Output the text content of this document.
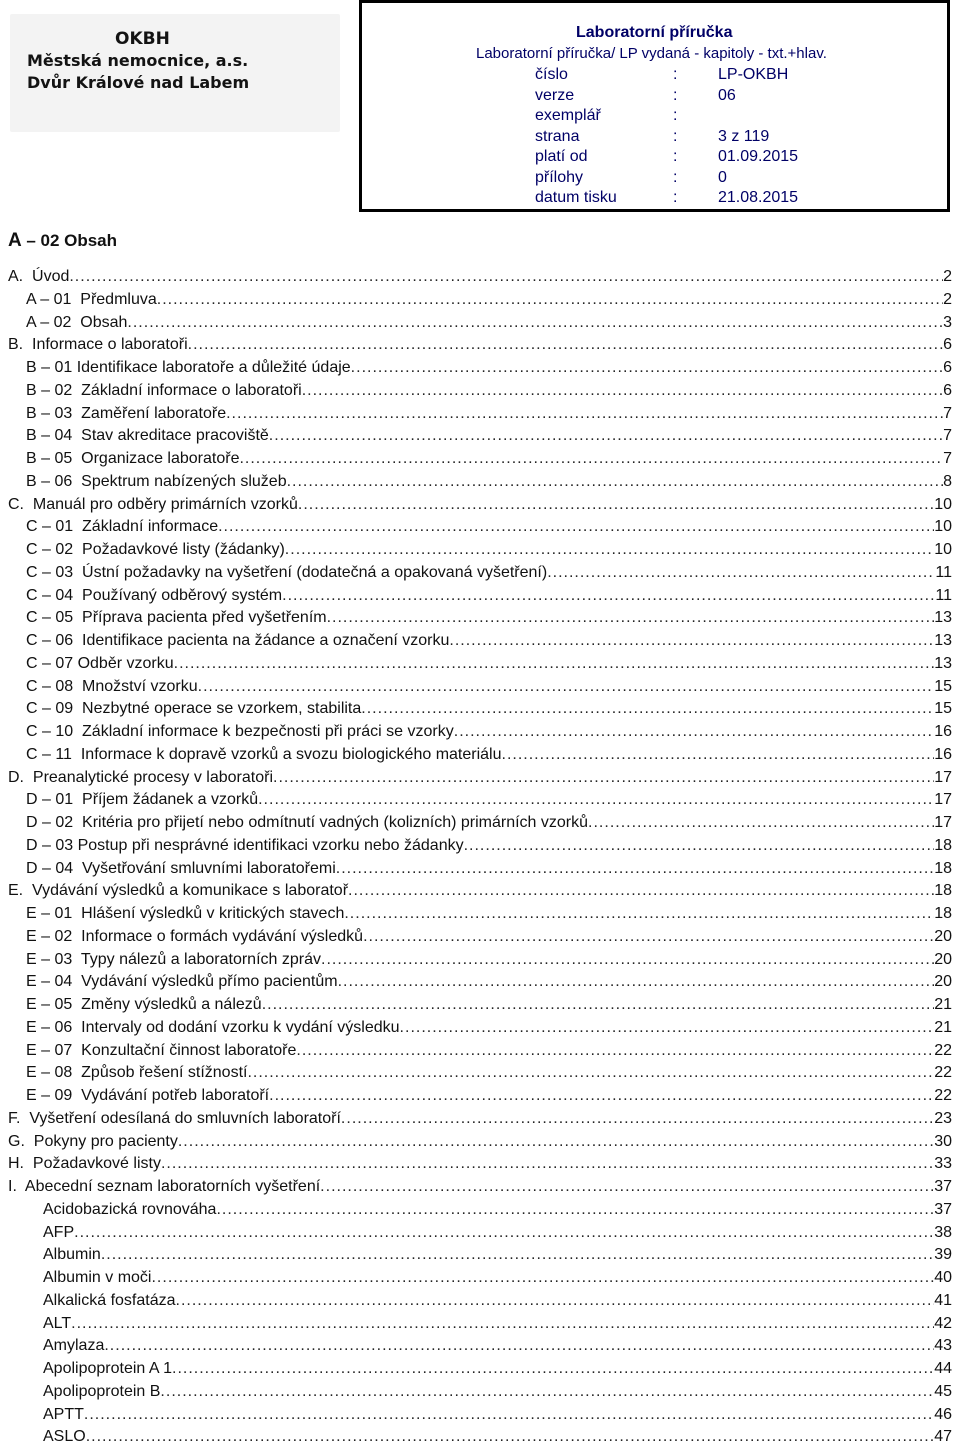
OKBH
Městská nemocnice, a.s.
Dvůr Králové nad Labem
Laboratorní příručka
Laboratorní příručka/ LP vydaná - kapitoly - txt.+hlav.
číslo	:	LP-OKBH
verze	:	06
exemplář	:
strana	:	3 z 119
platí od	:	01.09.2015
přílohy	:	0
datum tisku	:	21.08.2015
A – 02 Obsah
A.  Úvod .....	2
A – 01  Předmluva .....	2
A – 02  Obsah .....	3
B.  Informace o laboratoři .....	6
B – 01 Identifikace laboratoře a důležité údaje .....	6
B – 02  Základní informace o laboratoři .....	6
B – 03  Zaměření laboratoře .....	7
B – 04  Stav akreditace pracoviště .....	7
B – 05  Organizace laboratoře .....	7
B – 06  Spektrum nabízených služeb .....	8
C.  Manuál pro odběry primárních vzorků .....	10
C – 01  Základní informace .....	10
C – 02  Požadavkové listy (žádanky) .....	10
C – 03  Ústní požadavky na vyšetření (dodatečná a opakovaná vyšetření) .....	11
C – 04  Používaný odběrový systém .....	11
C – 05  Příprava pacienta před vyšetřením .....	13
C – 06  Identifikace pacienta na žádance a označení vzorku .....	13
C – 07 Odběr vzorku .....	13
C – 08  Množství vzorku .....	15
C – 09  Nezbytné operace se vzorkem, stabilita .....	15
C – 10  Základní informace k bezpečnosti při práci se vzorky .....	16
C – 11  Informace k dopravě vzorků a svozu biologického materiálu .....	16
D.  Preanalytické procesy v laboratoři .....	17
D – 01  Příjem žádanek a vzorků .....	17
D – 02  Kritéria pro přijetí nebo odmítnutí vadných (kolizních) primárních vzorků .....	17
D – 03 Postup při nesprávné identifikaci vzorku nebo žádanky .....	18
D – 04  Vyšetřování smluvními laboratořemi .....	18
E.  Vydávání výsledků a komunikace s laboratoř .....	18
E – 01  Hlášení výsledků v kritických stavech .....	18
E – 02  Informace o formách vydávání výsledků .....	20
E – 03  Typy nálezů a laboratorních zpráv .....	20
E – 04  Vydávání výsledků přímo pacientům .....	20
E – 05  Změny výsledků a nálezů .....	21
E – 06  Intervaly od dodání vzorku k vydání výsledku .....	21
E – 07  Konzultační činnost laboratoře .....	22
E – 08  Způsob řešení stížností .....	22
E – 09  Vydávání potřeb laboratoří .....	22
F.  Vyšetření odesílaná do smluvních laboratoří .....	23
G.  Pokyny pro pacienty .....	30
H.  Požadavkové listy .....	33
I.  Abecední seznam laboratorních vyšetření .....	37
Acidobazická rovnováha .....	37
AFP .....	38
Albumin .....	39
Albumin v moči .....	40
Alkalická fosfatáza .....	41
ALT .....	42
Amylaza .....	43
Apolipoprotein A 1 .....	44
Apolipoprotein B .....	45
APTT .....	46
ASLO .....	47
